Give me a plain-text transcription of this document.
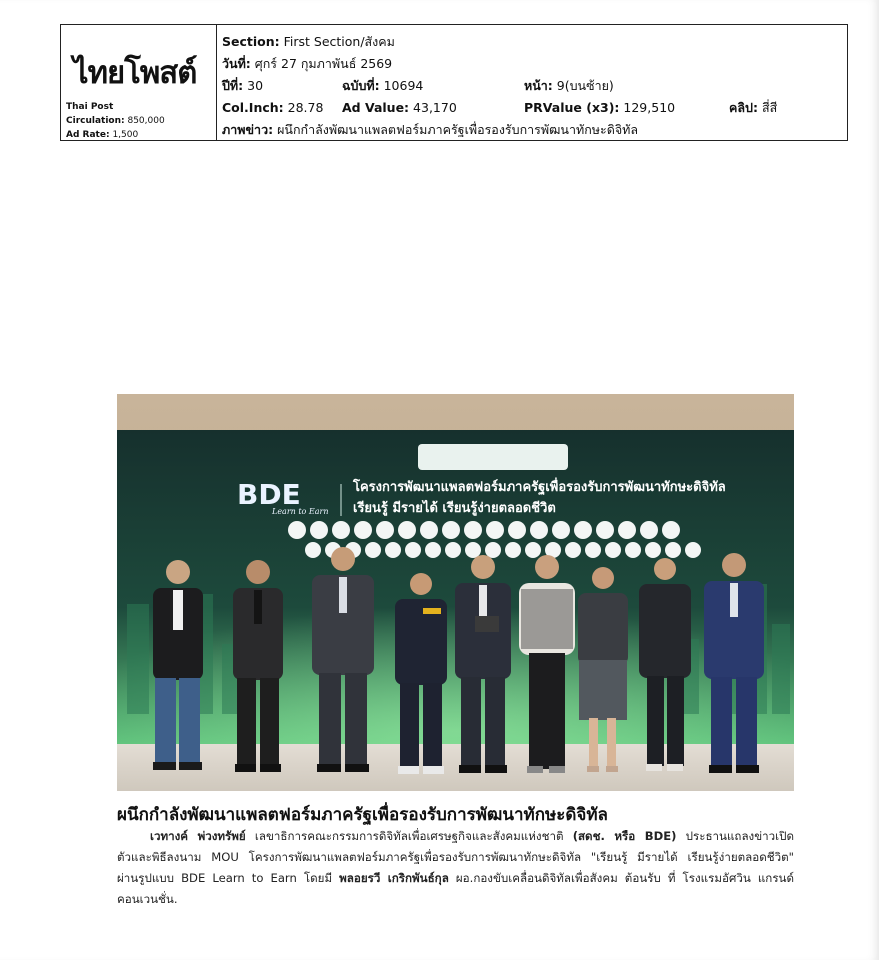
ไทยโพสต์
Thai Post
Circulation: 850,000
Ad Rate: 1,500
Section: First Section/สังคม
วันที่: ศุกร์ 27 กุมภาพันธ์ 2569
ปีที่: 30	ฉบับที่: 10694	หน้า: 9(บนซ้าย)
Col.Inch: 28.78 Ad Value: 43,170	PRValue (x3): 129,510	คลิป: สี่สี
ภาพข่าว: ผนึกกำลังพัฒนาแพลตฟอร์มภาครัฐเพื่อรองรับการพัฒนาทักษะดิจิทัล
BDE
Learn to Earn
โครงการพัฒนาแพลตฟอร์มภาครัฐเพื่อรองรับการพัฒนาทักษะดิจิทัล
เรียนรู้ มีรายได้ เรียนรู้ง่ายตลอดชีวิต
ผนึกกำลังพัฒนาแพลตฟอร์มภาครัฐเพื่อรองรับการพัฒนาทักษะดิจิทัล
เวทางค์ พ่วงทรัพย์ เลขาธิการคณะกรรมการดิจิทัลเพื่อเศรษฐกิจและสังคมแห่งชาติ (สดช. หรือ BDE) ประธานแถลงข่าวเปิด
ตัวและพิธีลงนาม MOU โครงการพัฒนาแพลตฟอร์มภาครัฐเพื่อรองรับการพัฒนาทักษะดิจิทัล "เรียนรู้ มีรายได้ เรียนรู้ง่ายตลอดชีวิต"
ผ่านรูปแบบ BDE Learn to Earn โดยมี พลอยรวี เกริกพันธ์กุล ผอ.กองขับเคลื่อนดิจิทัลเพื่อสังคม ต้อนรับ ที่ โรงแรมอัศวิน แกรนด์
คอนเวนชั่น.
